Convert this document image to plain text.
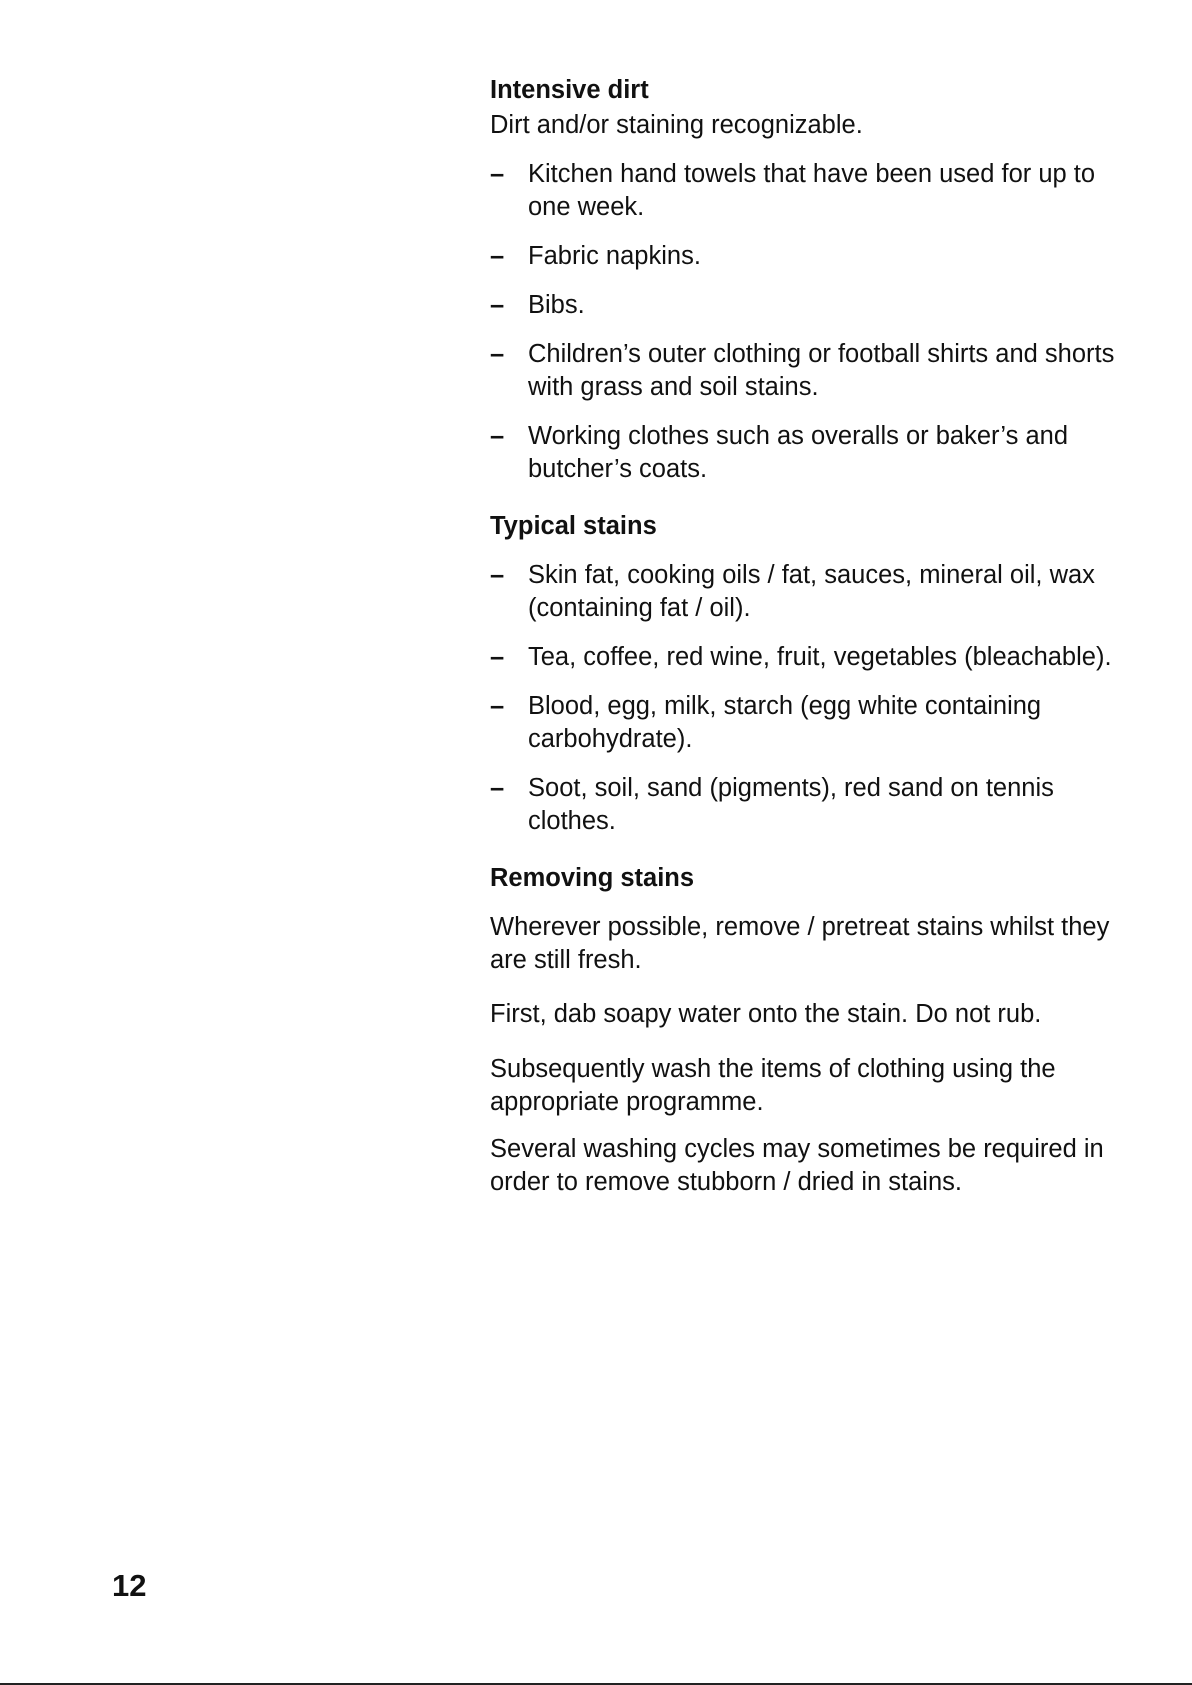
Intensive dirt

Dirt and/or staining recognizable.

– Kitchen hand towels that have been used for up to one week.
– Fabric napkins.
– Bibs.
– Children’s outer clothing or football shirts and shorts with grass and soil stains.
– Working clothes such as overalls or baker’s and butcher’s coats.
Typical stains
– Skin fat, cooking oils / fat, sauces, mineral oil, wax (containing fat / oil).
– Tea, coffee, red wine, fruit, vegetables (bleachable).
– Blood, egg, milk, starch (egg white containing carbohydrate).
– Soot, soil, sand (pigments), red sand on tennis clothes.
Removing stains

Wherever possible, remove / pretreat stains whilst they are still fresh.

First, dab soapy water onto the stain. Do not rub.

Subsequently wash the items of clothing using the appropriate programme.

Several washing cycles may sometimes be required in order to remove stubborn / dried in stains.

12
